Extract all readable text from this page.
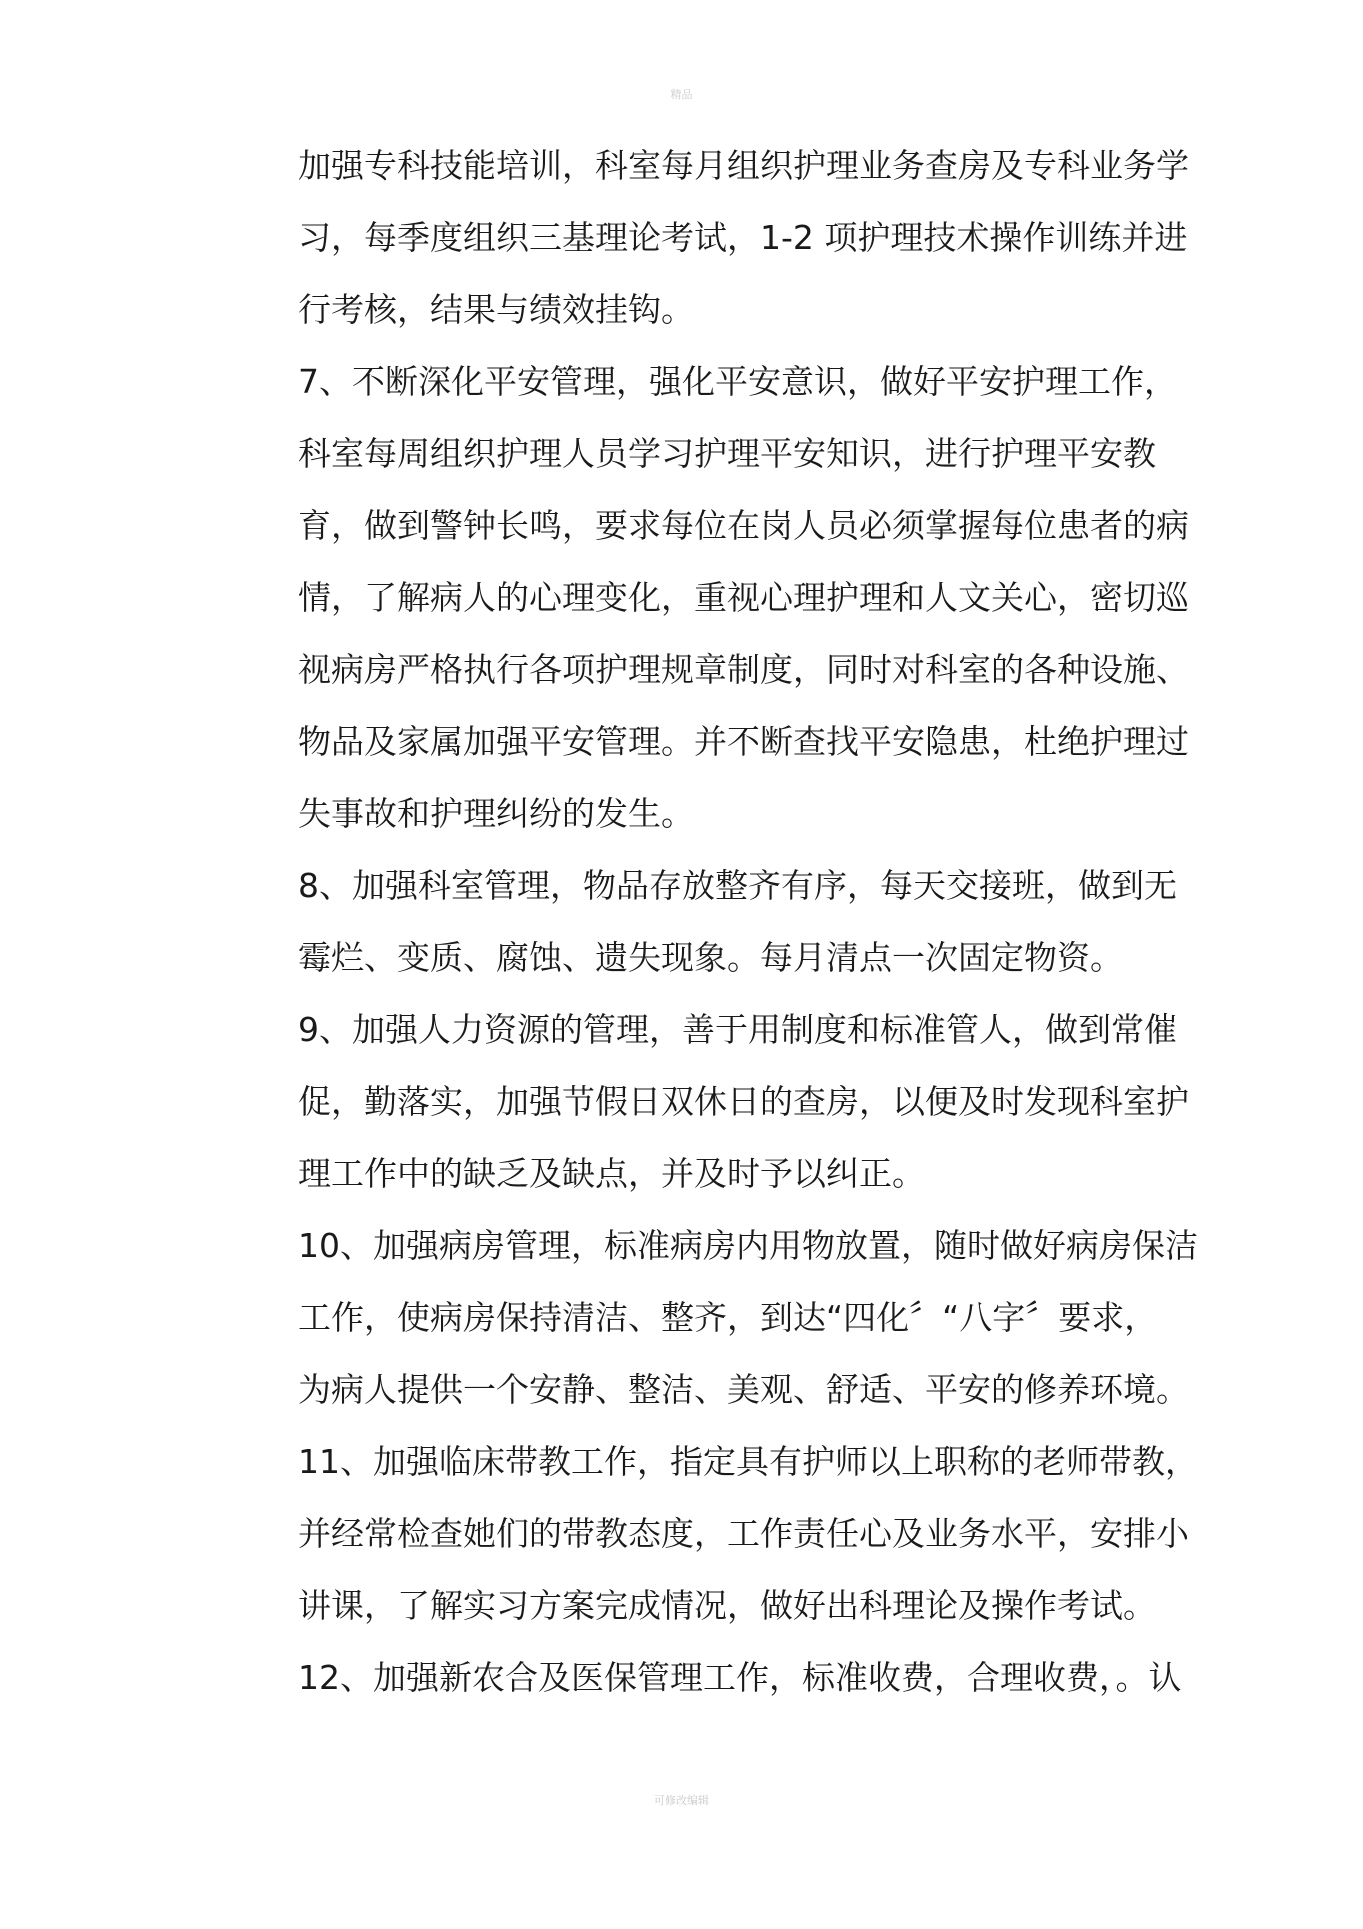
精品
加强专科技能培训，科室每月组织护理业务查房及专科业务学
习，每季度组织三基理论考试，1-2 项护理技术操作训练并进
行考核，结果与绩效挂钩。
7、不断深化平安管理，强化平安意识，做好平安护理工作，
科室每周组织护理人员学习护理平安知识，进行护理平安教
育，做到警钟长鸣，要求每位在岗人员必须掌握每位患者的病
情，了解病人的心理变化，重视心理护理和人文关心，密切巡
视病房严格执行各项护理规章制度，同时对科室的各种设施、
物品及家属加强平安管理。并不断查找平安隐患，杜绝护理过
失事故和护理纠纷的发生。
8、加强科室管理，物品存放整齐有序，每天交接班，做到无
霉烂、变质、腐蚀、遗失现象。每月清点一次固定物资。
9、加强人力资源的管理，善于用制度和标准管人，做到常催
促，勤落实，加强节假日双休日的查房，以便及时发现科室护
理工作中的缺乏及缺点，并及时予以纠正。
10、加强病房管理，标准病房内用物放置，随时做好病房保洁
工作，使病房保持清洁、整齐，到达“四化〞“八字〞要求，
为病人提供一个安静、整洁、美观、舒适、平安的修养环境。
11、加强临床带教工作，指定具有护师以上职称的老师带教，
并经常检查她们的带教态度，工作责任心及业务水平，安排小
讲课，了解实习方案完成情况，做好出科理论及操作考试。
12、加强新农合及医保管理工作，标准收费，合理收费，。认
可修改编辑
